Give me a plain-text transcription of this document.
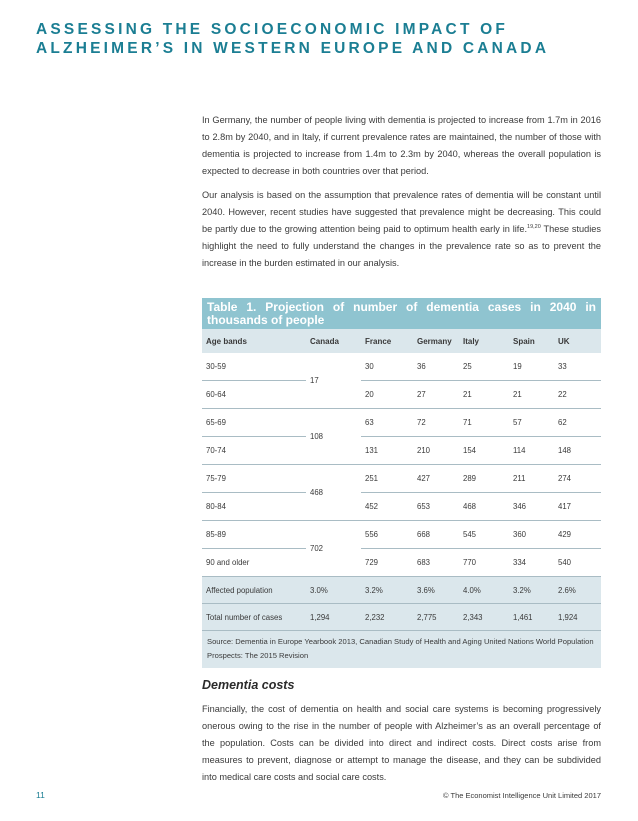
ASSESSING THE SOCIOECONOMIC IMPACT OF
ALZHEIMER’S IN WESTERN EUROPE AND CANADA

In Germany, the number of people living with dementia is projected to increase from 1.7m in 2016 to 2.8m by 2040, and in Italy, if current prevalence rates are maintained, the number of those with dementia is projected to increase from 1.4m to 2.3m by 2040, whereas the overall population is expected to decrease in both countries over that period.

Our analysis is based on the assumption that prevalence rates of dementia will be constant until 2040. However, recent studies have suggested that prevalence might be decreasing. This could be partly due to the growing attention being paid to optimum health early in life.$^{19,20}$ These studies highlight the need to fully understand the changes in the prevalence rate so as to prevent the increase in the burden estimated in our analysis.

Table 1. Projection of number of dementia cases in 2040 in thousands of people
Age bands	Canada	France	Germany	Italy	Spain	UK
30-59	17	30	36	25	19	33
60-64		20	27	21	21	22
65-69	108	63	72	71	57	62
70-74		131	210	154	114	148
75-79	468	251	427	289	211	274
80-84		452	653	468	346	417
85-89	702	556	668	545	360	429
90 and older		729	683	770	334	540
Affected population	3.0%	3.2%	3.6%	4.0%	3.2%	2.6%
Total number of cases	1,294	2,232	2,775	2,343	1,461	1,924
Source: Dementia in Europe Yearbook 2013, Canadian Study of Health and Aging United Nations World Population Prospects: The 2015 Revision
Dementia costs

Financially, the cost of dementia on health and social care systems is becoming progressively onerous owing to the rise in the number of people with Alzheimer’s as an overall percentage of the population. Costs can be divided into direct and indirect costs. Direct costs arise from measures to prevent, diagnose or attempt to manage the disease, and they can be subdivided into medical care costs and social care costs.

11	© The Economist Intelligence Unit Limited 2017
